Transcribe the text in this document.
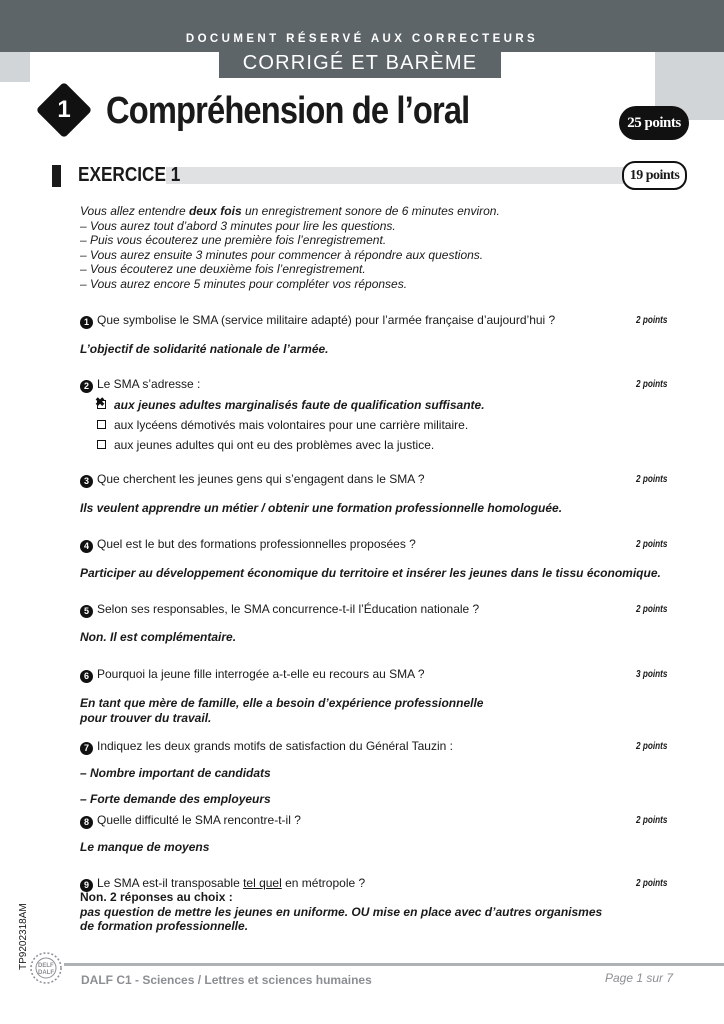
DOCUMENT RÉSERVÉ AUX CORRECTEURS
CORRIGÉ ET BARÈME
1 Compréhension de l’oral	25 points
EXERCICE 1	19 points
Vous allez entendre deux fois un enregistrement sonore de 6 minutes environ.
– Vous aurez tout d’abord 3 minutes pour lire les questions.
– Puis vous écouterez une première fois l’enregistrement.
– Vous aurez ensuite 3 minutes pour commencer à répondre aux questions.
– Vous écouterez une deuxième fois l’enregistrement.
– Vous aurez encore 5 minutes pour compléter vos réponses.
1 Que symbolise le SMA (service militaire adapté) pour l’armée française d’aujourd’hui ?	2 points
L’objectif de solidarité nationale de l’armée.
2 Le SMA s’adresse :	2 points
✖aux jeunes adultes marginalisés faute de qualification suffisante.
aux lycéens démotivés mais volontaires pour une carrière militaire.
aux jeunes adultes qui ont eu des problèmes avec la justice.
3 Que cherchent les jeunes gens qui s’engagent dans le SMA ?	2 points
Ils veulent apprendre un métier / obtenir une formation professionnelle homologuée.
4 Quel est le but des formations professionnelles proposées ?	2 points
Participer au développement économique du territoire et insérer les jeunes dans le tissu économique.
5 Selon ses responsables, le SMA concurrence-t-il l’Éducation nationale ?	2 points
Non. Il est complémentaire.
6 Pourquoi la jeune fille interrogée a-t-elle eu recours au SMA ?	3 points
En tant que mère de famille, elle a besoin d’expérience professionnelle
pour trouver du travail.
7 Indiquez les deux grands motifs de satisfaction du Général Tauzin :	2 points
– Nombre important de candidats
– Forte demande des employeurs
8 Quelle difficulté le SMA rencontre-t-il ?	2 points
Le manque de moyens
9 Le SMA est-il transposable tel quel en métropole ?	2 points
Non. 2 réponses au choix :
pas question de mettre les jeunes en uniforme. OU mise en place avec d’autres organismes
de formation professionnelle.
TP9202318AM DELF
DALF DALF C1 - Sciences / Lettres et sciences humaines	Page 1 sur 7
